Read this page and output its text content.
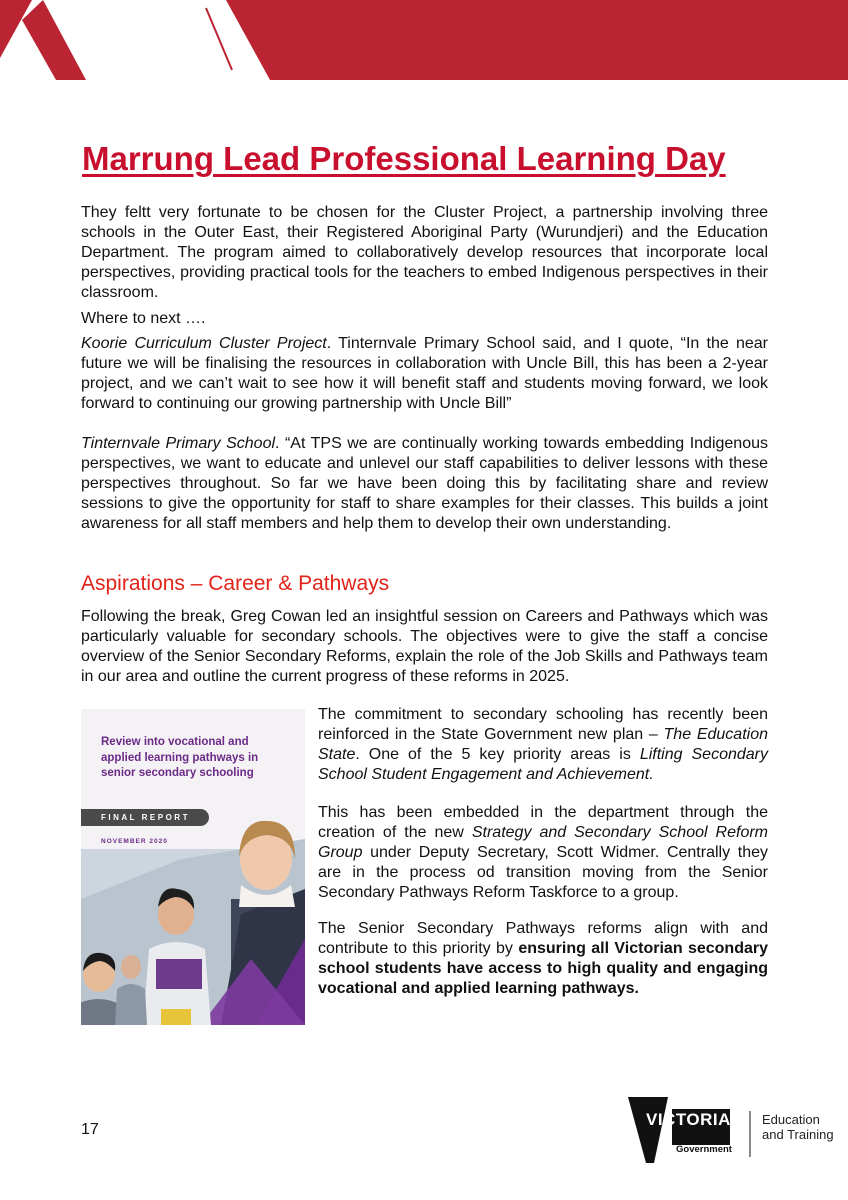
THE
EDUCATION
STATE
Marrung Lead Professional Learning Day
They feltt very fortunate to be chosen for the Cluster Project, a partnership involving three schools in the Outer East, their Registered Aboriginal Party (Wurundjeri) and the Education Department. The program aimed to collaboratively develop resources that incorporate local perspectives, providing practical tools for the teachers to embed Indigenous perspectives in their classroom.
Where to next ….
Koorie Curriculum Cluster Project. Tinternvale Primary School said, and I quote, “In the near future we will be finalising the resources in collaboration with Uncle Bill, this has been a 2-year project, and we can’t wait to see how it will benefit staff and students moving forward, we look forward to continuing our growing partnership with Uncle Bill”
Tinternvale Primary School. “At TPS we are continually working towards embedding Indigenous perspectives, we want to educate and unlevel our staff capabilities to deliver lessons with these perspectives throughout. So far we have been doing this by facilitating share and review sessions to give the opportunity for staff to share examples for their classes. This builds a joint awareness for all staff members and help them to develop their own understanding.
Aspirations – Career & Pathways
Following the break, Greg Cowan led an insightful session on Careers and Pathways which was particularly valuable for secondary schools. The objectives were to give the staff a concise overview of the Senior Secondary Reforms, explain the role of the Job Skills and Pathways team in our area and outline the current progress of these reforms in 2025.
Review into vocational and applied learning pathways in senior secondary schooling
FINAL REPORT
NOVEMBER 2020
The commitment to secondary schooling has recently been reinforced in the State Government new plan – The Education State. One of the 5 key priority areas is Lifting Secondary School Student Engagement and Achievement.
This has been embedded in the department through the creation of the new Strategy and Secondary School Reform Group under Deputy Secretary, Scott Widmer. Centrally they are in the process od transition moving from the Senior Secondary Pathways Reform Taskforce to a group.
The Senior Secondary Pathways reforms align with and contribute to this priority by ensuring all Victorian secondary school students have access to high quality and engaging vocational and applied learning pathways.
17
VICTORIA
State
Government
Education
and Training
